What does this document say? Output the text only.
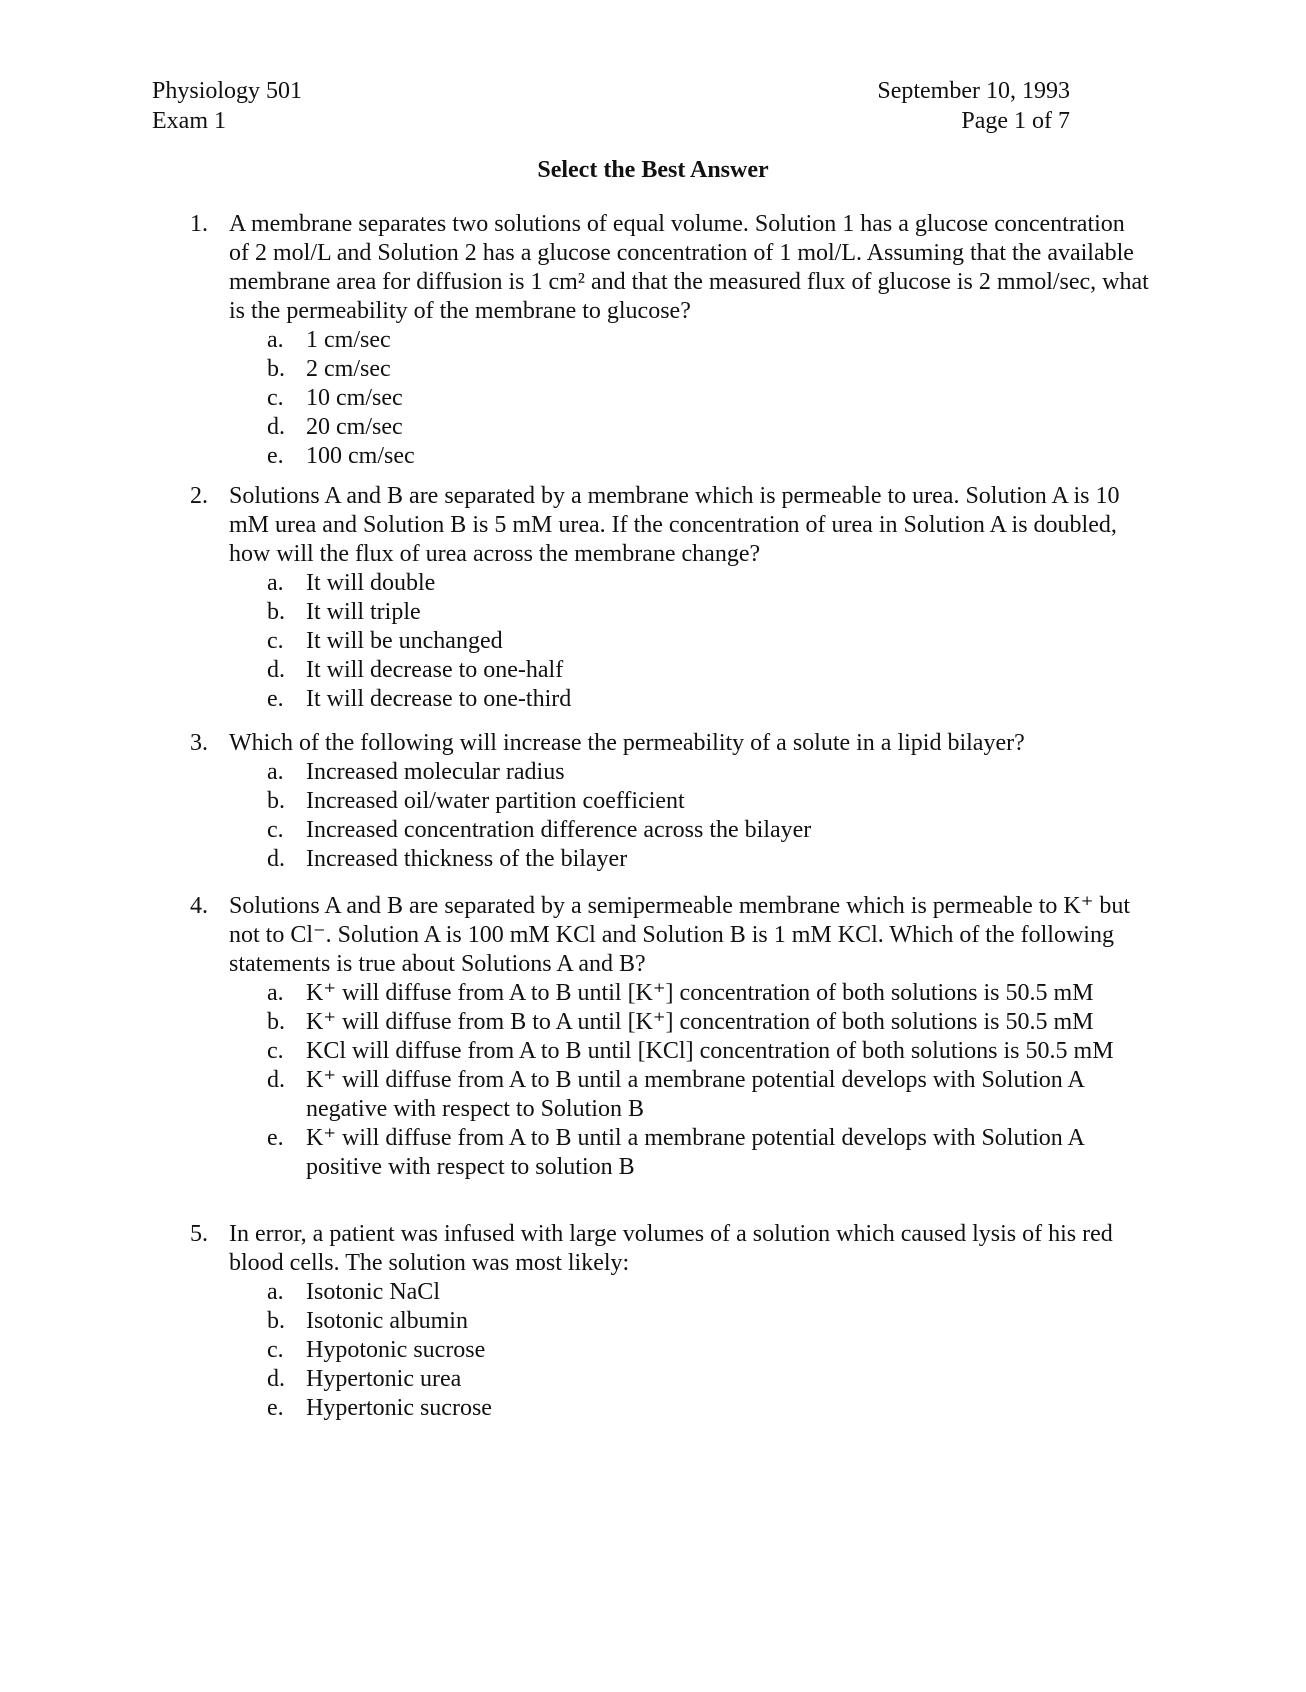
Physiology 501
Exam 1
September 10, 1993
Page 1 of 7
Select the Best Answer
1. A membrane separates two solutions of equal volume. Solution 1 has a glucose concentration of 2 mol/L and Solution 2 has a glucose concentration of 1 mol/L. Assuming that the available membrane area for diffusion is 1 cm² and that the measured flux of glucose is 2 mmol/sec, what is the permeability of the membrane to glucose?
a. 1 cm/sec
b. 2 cm/sec
c. 10 cm/sec
d. 20 cm/sec
e. 100 cm/sec
2. Solutions A and B are separated by a membrane which is permeable to urea. Solution A is 10 mM urea and Solution B is 5 mM urea. If the concentration of urea in Solution A is doubled, how will the flux of urea across the membrane change?
a. It will double
b. It will triple
c. It will be unchanged
d. It will decrease to one-half
e. It will decrease to one-third
3. Which of the following will increase the permeability of a solute in a lipid bilayer?
a. Increased molecular radius
b. Increased oil/water partition coefficient
c. Increased concentration difference across the bilayer
d. Increased thickness of the bilayer
4. Solutions A and B are separated by a semipermeable membrane which is permeable to K⁺ but not to Cl⁻. Solution A is 100 mM KCl and Solution B is 1 mM KCl. Which of the following statements is true about Solutions A and B?
a. K⁺ will diffuse from A to B until [K⁺] concentration of both solutions is 50.5 mM
b. K⁺ will diffuse from B to A until [K⁺] concentration of both solutions is 50.5 mM
c. KCl will diffuse from A to B until [KCl] concentration of both solutions is 50.5 mM
d. K⁺ will diffuse from A to B until a membrane potential develops with Solution A negative with respect to Solution B
e. K⁺ will diffuse from A to B until a membrane potential develops with Solution A positive with respect to solution B
5. In error, a patient was infused with large volumes of a solution which caused lysis of his red blood cells. The solution was most likely:
a. Isotonic NaCl
b. Isotonic albumin
c. Hypotonic sucrose
d. Hypertonic urea
e. Hypertonic sucrose
